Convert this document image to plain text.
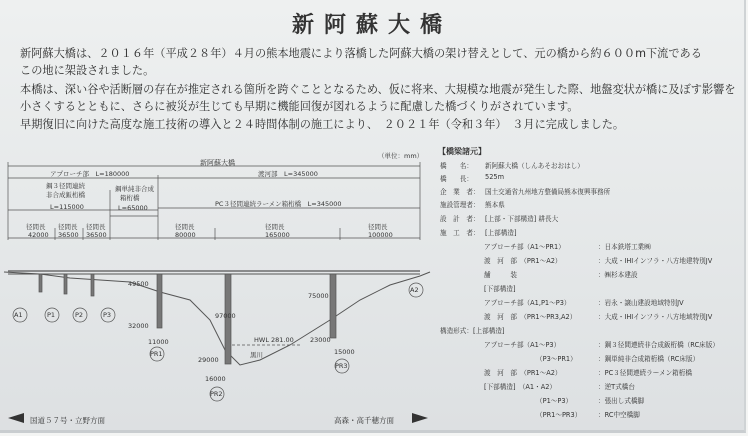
新阿蘇大橋
新阿蘇大橋は、２０１６年（平成２８年）４月の熊本地震により落橋した阿蘇大橋の架け替えとして、元の橋から約６００m下流である
この地に架設されました。
本橋は、深い谷や活断層の存在が推定される箇所を跨ぐこととなるため、仮に将来、大規模な地震が発生した際、地盤変状が橋に及ぼす影響を
小さくするとともに、さらに被災が生じても早期に機能回復が図れるように配慮した橋づくりがされています。
早期復旧に向けた高度な施工技術の導入と２４時間体制の施工により、　２０２１年（令和３年）　３月に完成しました。
（単位：mm）
新阿蘇大橋
アプローチ部　L=180000	渡河部　L=345000
鋼３径間連続
非合成鈑桁橋
L=115000
鋼単純非合成
箱桁橋
L=65000	PC３径間連続ラーメン箱桁橋　L=345000
径間長 径間長 径間長	径間長	径間長	径間長
42000 36500 36500	80000	165000	100000
A1	P1	P2	P3
PR1
PR2
PR3
A2
49500
32000
11000
97000
29000
16000
75000
23000
15000
HWL 281.00
黒川
国道５７号・立野方面	高森・高千穂方面
【橋梁諸元】
橋　　名： 新阿蘇大橋（しんあそおおはし）
橋　　長： 525m
企　業　者： 国土交通省九州地方整備局熊本復興事務所
施設管理者： 熊本県
設　計　者： [上部・下部構造] 耕長大
施　工　者： [上部構造]
アプローチ部（A1～PR1）	：日本鉄塔工業㈱
渡　河　部　（PR1～A2）	：大成・IHIインフラ・八方地建特別JV
舗　　　装	：㈱杉本建設
[下部構造]
アプローチ部（A1,P1～P3）	：岩永・譲山建設地域特別JV
渡　河　部　（PR1～PR3,A2）	：大成・IHIインフラ・八方地域特別JV
構造形式：[上部構造]
アプローチ部（A1～P3）	：鋼３径間連続非合成鈑桁橋（RC床版）
（P3～PR1）	：鋼単純非合成箱桁橋（RC床版）
渡　河　部　（PR1～A2）	：PC３径間連続ラーメン箱桁橋
[下部構造]　（A1・A2）	：逆T式橋台
（P1～P3）	：張出し式橋脚
（PR1～PR3）	：RC中空橋脚
